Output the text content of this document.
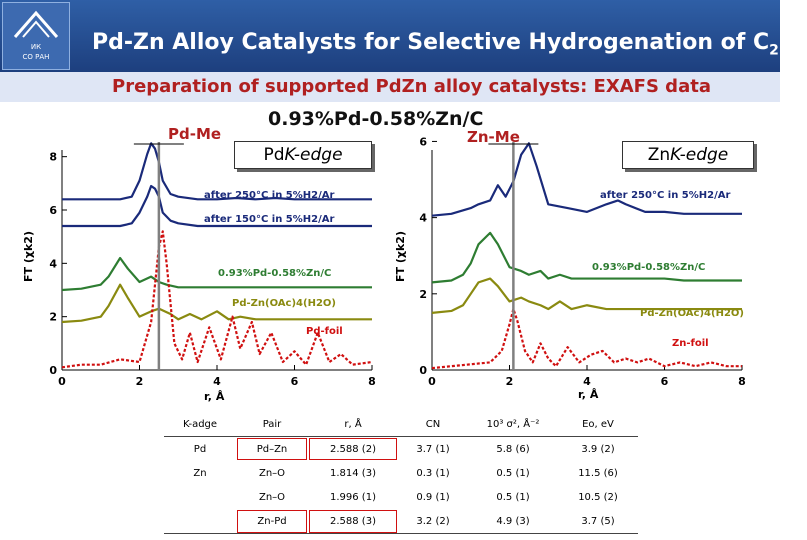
ИК
СО РАН
Pd-Zn Alloy Catalysts for Selective Hydrogenation of $C_2H_2$
Preparation of supported PdZn alloy catalysts: EXAFS data
0.93%Pd-0.58%Zn/C
Pd-Me
PdK-edge
0	2	4	6	8
0
2
4
6
8
after 250°C in 5%H2/Ar
after 150°C in 5%H2/Ar
0.93%Pd-0.58%Zn/C
Pd-Zn(OAc)4(H2O)
Pd-foil
FT (χk2)
r, Å
Zn-Me
ZnK-edge
0	2	4	6	8
0
2
4
6
after 250°C in 5%H2/Ar
0.93%Pd-0.58%Zn/C
Pd-Zn(OAc)4(H2O)
Zn-foil
FT (χk2)
r, Å
K-adge	Pair	r, Å	CN	10³ σ², Å⁻²	Eo, eV
Pd	Pd–Zn	2.588 (2)	3.7 (1)	5.8 (6)	3.9 (2)
Zn	Zn–O	1.814 (3)	0.3 (1)	0.5 (1)	11.5 (6)
	Zn–O	1.996 (1)	0.9 (1)	0.5 (1)	10.5 (2)
	Zn-Pd	2.588 (3)	3.2 (2)	4.9 (3)	3.7 (5)
